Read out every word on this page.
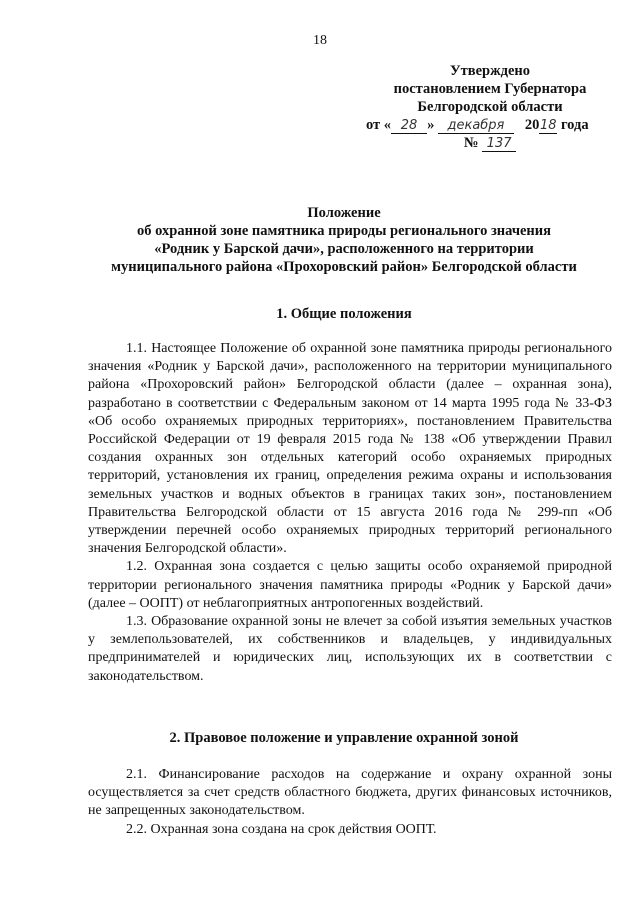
18
Утверждено
постановлением Губернатора
Белгородской области
от « 28 » декабря 2018 года
№ 137
Положение
об охранной зоне памятника природы регионального значения
«Родник у Барской дачи», расположенного на территории
муниципального района «Прохоровский район» Белгородской области
1. Общие положения

1.1. Настоящее Положение об охранной зоне памятника природы регионального значения «Родник у Барской дачи», расположенного на территории муниципального района «Прохоровский район» Белгородской области (далее – охранная зона), разработано в соответствии с Федеральным законом от 14 марта 1995 года № 33-ФЗ «Об особо охраняемых природных территориях», постановлением Правительства Российской Федерации от 19 февраля 2015 года № 138 «Об утверждении Правил создания охранных зон отдельных категорий особо охраняемых природных территорий, установления их границ, определения режима охраны и использования земельных участков и водных объектов в границах таких зон», постановлением Правительства Белгородской области от 15 августа 2016 года № 299-пп «Об утверждении перечней особо охраняемых природных территорий регионального значения Белгородской области».

1.2. Охранная зона создается с целью защиты особо охраняемой природной территории регионального значения памятника природы «Родник у Барской дачи» (далее – ООПТ) от неблагоприятных антропогенных воздействий.

1.3. Образование охранной зоны не влечет за собой изъятия земельных участков у землепользователей, их собственников и владельцев, у индивидуальных предпринимателей и юридических лиц, использующих их в соответствии с законодательством.

2. Правовое положение и управление охранной зоной

2.1. Финансирование расходов на содержание и охрану охранной зоны осуществляется за счет средств областного бюджета, других финансовых источников, не запрещенных законодательством.

2.2. Охранная зона создана на срок действия ООПТ.
